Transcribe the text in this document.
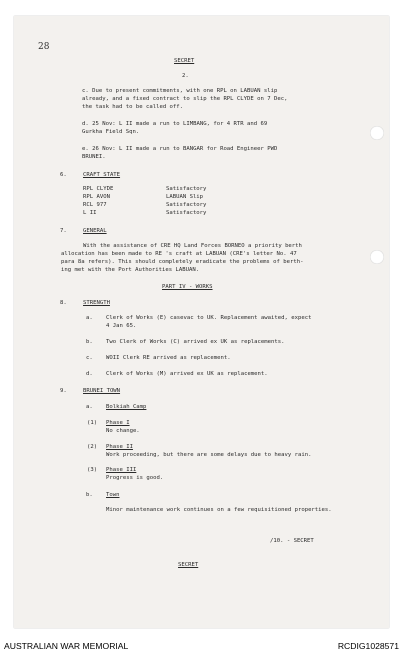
28
SECRET
2.
c. Due to present commitments, with one RPL on LABUAN slip
already, and a fixed contract to slip the RPL CLYDE on 7 Dec,
the task had to be called off.
d. 25 Nov: L II made a run to LIMBANG, for 4 RTR and 69
Gurkha Field Sqn.
e. 26 Nov: L II made a run to BANGAR for Road Engineer PWD
BRUNEI.
6.	CRAFT STATE
RPL CLYDE	Satisfactory
RPL AVON	LABUAN Slip
RCL 977	Satisfactory
L II	Satisfactory
7.	GENERAL
With the assistance of CRE HQ Land Forces BORNEO a priority berth
allocation has been made to RE 's craft at LABUAN (CRE's letter No. 47
para 8a refers). This should completely eradicate the problems of berth-
ing met with the Port Authorities LABUAN.
PART IV - WORKS
8.	STRENGTH
a. Clerk of Works (E) casevac to UK. Replacement awaited, expect
4 Jan 65.
b. Two Clerk of Works (C) arrived ex UK as replacements.
c. WOII Clerk RE arrived as replacement.
d. Clerk of Works (M) arrived ex UK as replacement.
9.	BRUNEI TOWN
a. Bolkiah Camp
(1) Phase I
No change.
(2) Phase II
Work proceeding, but there are some delays due to heavy rain.
(3) Phase III
Progress is good.
b. Town
Minor maintenance work continues on a few requisitioned properties.
/10. - SECRET
SECRET
AUSTRALIAN WAR MEMORIAL	RCDIG1028571
